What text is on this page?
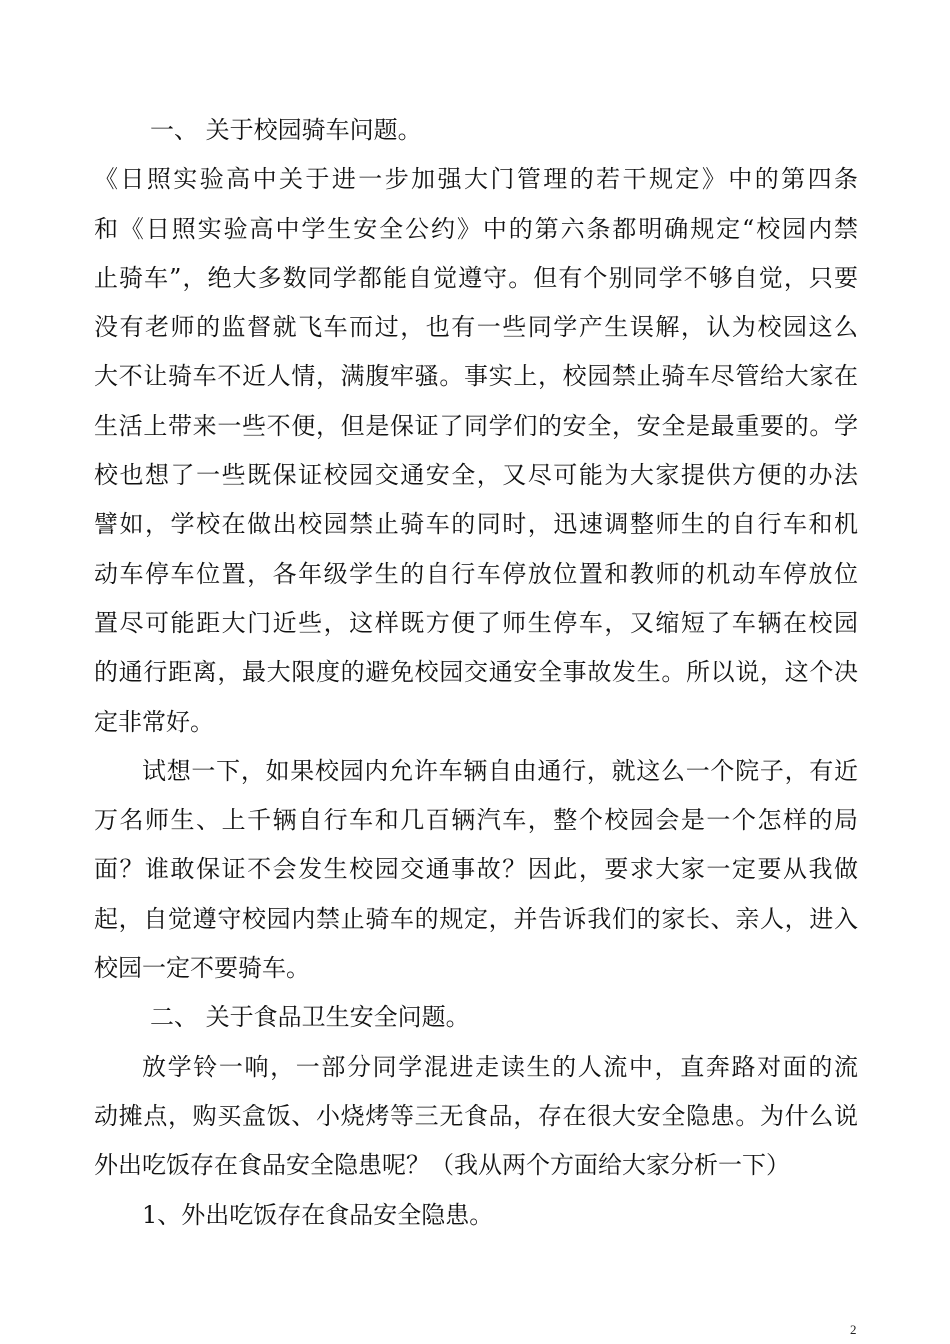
一、 关于校园骑车问题。
《日照实验高中关于进一步加强大门管理的若干规定》中的第四条
和《日照实验高中学生安全公约》中的第六条都明确规定“校园内禁
止骑车”，绝大多数同学都能自觉遵守。但有个别同学不够自觉，只要
没有老师的监督就飞车而过，也有一些同学产生误解，认为校园这么
大不让骑车不近人情，满腹牢骚。事实上，校园禁止骑车尽管给大家在
生活上带来一些不便，但是保证了同学们的安全，安全是最重要的。学
校也想了一些既保证校园交通安全，又尽可能为大家提供方便的办法
譬如，学校在做出校园禁止骑车的同时，迅速调整师生的自行车和机
动车停车位置，各年级学生的自行车停放位置和教师的机动车停放位
置尽可能距大门近些，这样既方便了师生停车，又缩短了车辆在校园
的通行距离，最大限度的避免校园交通安全事故发生。所以说，这个决
定非常好。
试想一下，如果校园内允许车辆自由通行，就这么一个院子，有近
万名师生、上千辆自行车和几百辆汽车，整个校园会是一个怎样的局
面？谁敢保证不会发生校园交通事故？因此，要求大家一定要从我做
起，自觉遵守校园内禁止骑车的规定，并告诉我们的家长、亲人，进入
校园一定不要骑车。
二、 关于食品卫生安全问题。
放学铃一响，一部分同学混进走读生的人流中，直奔路对面的流
动摊点，购买盒饭、小烧烤等三无食品，存在很大安全隐患。为什么说
外出吃饭存在食品安全隐患呢？（我从两个方面给大家分析一下）
1、外出吃饭存在食品安全隐患。
2
